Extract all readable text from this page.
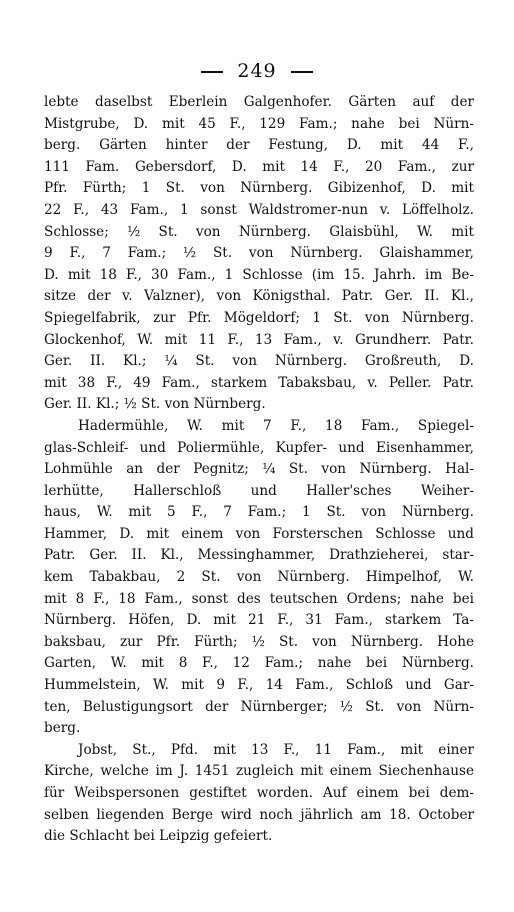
249
lebte daselbst Eberlein Galgenhofer. Gärten auf der
Mistgrube, D. mit 45 F., 129 Fam.; nahe bei Nürn-
berg. Gärten hinter der Festung, D. mit 44 F.,
111 Fam. Gebersdorf, D. mit 14 F., 20 Fam., zur
Pfr. Fürth; 1 St. von Nürnberg. Gibizenhof, D. mit
22 F., 43 Fam., 1 sonst Waldstromer-nun v. Löffelholz.
Schlosse; ½ St. von Nürnberg. Glaisbühl, W. mit
9 F., 7 Fam.; ½ St. von Nürnberg. Glaishammer,
D. mit 18 F., 30 Fam., 1 Schlosse (im 15. Jahrh. im Be-
sitze der v. Valzner), von Königsthal. Patr. Ger. II. Kl.,
Spiegelfabrik, zur Pfr. Mögeldorf; 1 St. von Nürnberg.
Glockenhof, W. mit 11 F., 13 Fam., v. Grundherr. Patr.
Ger. II. Kl.; ¼ St. von Nürnberg. Großreuth, D.
mit 38 F., 49 Fam., starkem Tabaksbau, v. Peller. Patr.
Ger. II. Kl.; ½ St. von Nürnberg.
Hadermühle, W. mit 7 F., 18 Fam., Spiegel-
glas-Schleif- und Poliermühle, Kupfer- und Eisenhammer,
Lohmühle an der Pegnitz; ¼ St. von Nürnberg. Hal-
lerhütte, Hallerschloß und Haller'sches Weiher-
haus, W. mit 5 F., 7 Fam.; 1 St. von Nürnberg.
Hammer, D. mit einem von Forsterschen Schlosse und
Patr. Ger. II. Kl., Messinghammer, Drathzieherei, star-
kem Tabakbau, 2 St. von Nürnberg. Himpelhof, W.
mit 8 F., 18 Fam., sonst des teutschen Ordens; nahe bei
Nürnberg. Höfen, D. mit 21 F., 31 Fam., starkem Ta-
baksbau, zur Pfr. Fürth; ½ St. von Nürnberg. Hohe
Garten, W. mit 8 F., 12 Fam.; nahe bei Nürnberg.
Hummelstein, W. mit 9 F., 14 Fam., Schloß und Gar-
ten, Belustigungsort der Nürnberger; ½ St. von Nürn-
berg.
Jobst, St., Pfd. mit 13 F., 11 Fam., mit einer
Kirche, welche im J. 1451 zugleich mit einem Siechenhause
für Weibspersonen gestiftet worden. Auf einem bei dem-
selben liegenden Berge wird noch jährlich am 18. October
die Schlacht bei Leipzig gefeiert.
